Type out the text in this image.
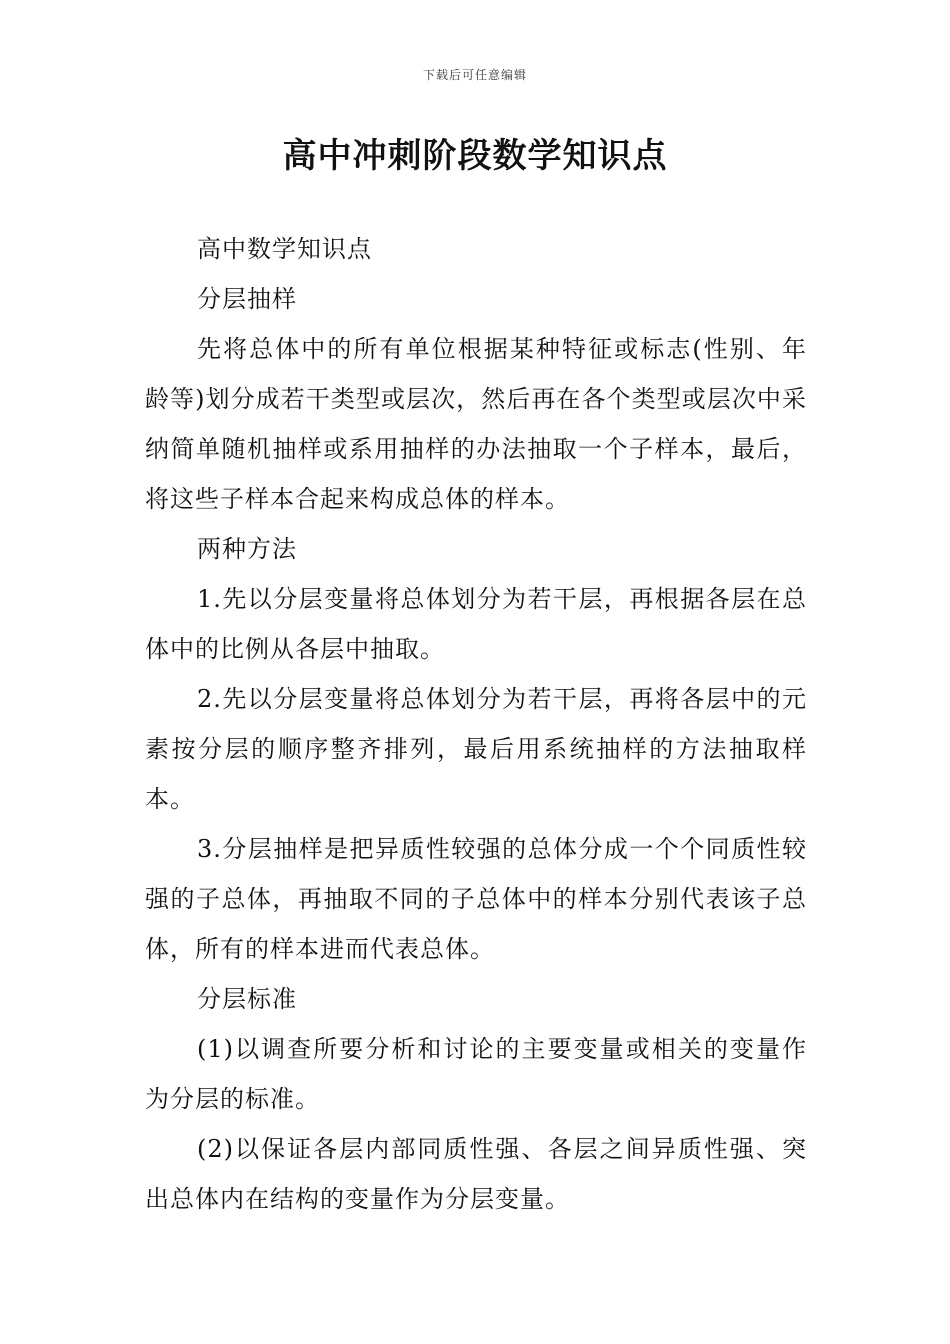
下载后可任意编辑
高中冲刺阶段数学知识点

高中数学知识点

分层抽样

先将总体中的所有单位根据某种特征或标志(性别、年龄等)划分成若干类型或层次，然后再在各个类型或层次中采纳简单随机抽样或系用抽样的办法抽取一个子样本，最后，将这些子样本合起来构成总体的样本。

两种方法

1.先以分层变量将总体划分为若干层，再根据各层在总体中的比例从各层中抽取。

2.先以分层变量将总体划分为若干层，再将各层中的元素按分层的顺序整齐排列，最后用系统抽样的方法抽取样本。

3.分层抽样是把异质性较强的总体分成一个个同质性较强的子总体，再抽取不同的子总体中的样本分别代表该子总体，所有的样本进而代表总体。

分层标准

(1)以调查所要分析和讨论的主要变量或相关的变量作为分层的标准。

(2)以保证各层内部同质性强、各层之间异质性强、突出总体内在结构的变量作为分层变量。
